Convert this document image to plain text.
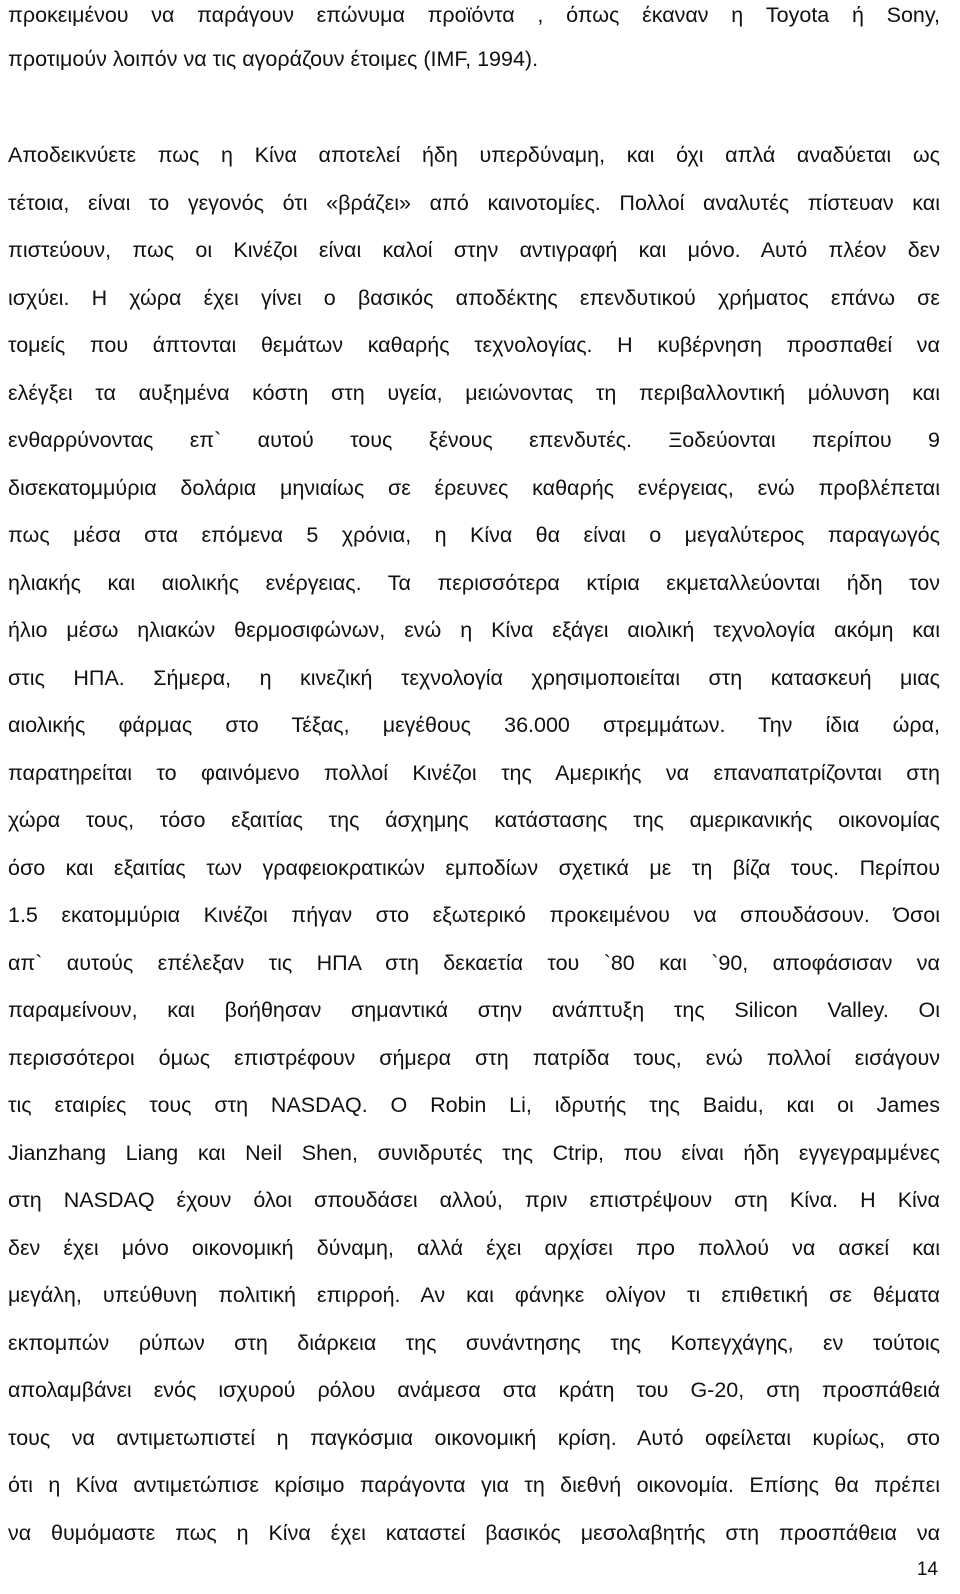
προκειμένου να παράγουν επώνυμα προϊόντα , όπως έκαναν η Toyota ή Sony,
προτιμούν λοιπόν να τις αγοράζουν έτοιμες (IMF, 1994).
Αποδεικνύετε πως η Κίνα αποτελεί ήδη υπερδύναμη, και όχι απλά αναδύεται ως
τέτοια, είναι το γεγονός ότι «βράζει» από καινοτομίες. Πολλοί αναλυτές πίστευαν και
πιστεύουν, πως οι Κινέζοι είναι καλοί στην αντιγραφή και μόνο. Αυτό πλέον δεν
ισχύει. Η χώρα έχει γίνει ο βασικός αποδέκτης επενδυτικού χρήματος επάνω σε
τομείς που άπτονται θεμάτων καθαρής τεχνολογίας. Η κυβέρνηση προσπαθεί να
ελέγξει τα αυξημένα κόστη στη υγεία, μειώνοντας τη περιβαλλοντική μόλυνση και
ενθαρρύνοντας επ` αυτού τους ξένους επενδυτές. Ξοδεύονται περίπου 9
δισεκατομμύρια δολάρια μηνιαίως σε έρευνες καθαρής ενέργειας, ενώ προβλέπεται
πως μέσα στα επόμενα 5 χρόνια, η Κίνα θα είναι ο μεγαλύτερος παραγωγός
ηλιακής και αιολικής ενέργειας. Τα περισσότερα κτίρια εκμεταλλεύονται ήδη τον
ήλιο μέσω ηλιακών θερμοσιφώνων, ενώ η Κίνα εξάγει αιολική τεχνολογία ακόμη και
στις ΗΠΑ. Σήμερα, η κινεζική τεχνολογία χρησιμοποιείται στη κατασκευή μιας
αιολικής φάρμας στο Τέξας, μεγέθους 36.000 στρεμμάτων. Την ίδια ώρα,
παρατηρείται το φαινόμενο πολλοί Κινέζοι της Αμερικής να επαναπατρίζονται στη
χώρα τους, τόσο εξαιτίας της άσχημης κατάστασης της αμερικανικής οικονομίας
όσο και εξαιτίας των γραφειοκρατικών εμποδίων σχετικά με τη βίζα τους. Περίπου
1.5 εκατομμύρια Κινέζοι πήγαν στο εξωτερικό προκειμένου να σπουδάσουν. Όσοι
απ` αυτούς επέλεξαν τις ΗΠΑ στη δεκαετία του `80 και `90, αποφάσισαν να
παραμείνουν, και βοήθησαν σημαντικά στην ανάπτυξη της Silicon Valley. Οι
περισσότεροι όμως επιστρέφουν σήμερα στη πατρίδα τους, ενώ πολλοί εισάγουν
τις εταιρίες τους στη NASDAQ. Ο Robin Li, ιδρυτής της Baidu, και οι James
Jianzhang Liang και Neil Shen, συνιδρυτές της Ctrip, που είναι ήδη εγγεγραμμένες
στη NASDAQ έχουν όλοι σπουδάσει αλλού, πριν επιστρέψουν στη Κίνα. Η Κίνα
δεν έχει μόνο οικονομική δύναμη, αλλά έχει αρχίσει προ πολλού να ασκεί και
μεγάλη, υπεύθυνη πολιτική επιρροή. Αν και φάνηκε ολίγον τι επιθετική σε θέματα
εκπομπών ρύπων στη διάρκεια της συνάντησης της Κοπεγχάγης, εν τούτοις
απολαμβάνει ενός ισχυρού ρόλου ανάμεσα στα κράτη του G-20, στη προσπάθειά
τους να αντιμετωπιστεί η παγκόσμια οικονομική κρίση. Αυτό οφείλεται κυρίως, στο
ότι η Κίνα αντιμετώπισε κρίσιμο παράγοντα για τη διεθνή οικονομία. Επίσης θα πρέπει
να θυμόμαστε πως η Κίνα έχει καταστεί βασικός μεσολαβητής στη προσπάθεια να
14
